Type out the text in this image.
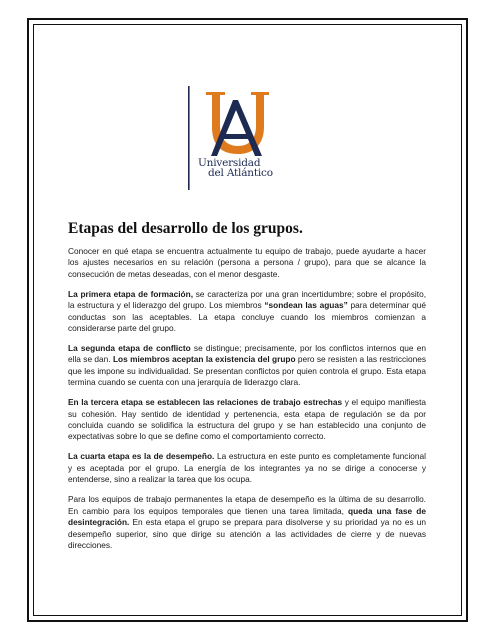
Universidad
del Atlántico
Etapas del desarrollo de los grupos.

Conocer en qué etapa se encuentra actualmente tu equipo de trabajo, puede ayudarte a hacer los ajustes necesarios en su relación (persona a persona / grupo), para que se alcance la consecución de metas deseadas, con el menor desgaste.

La primera etapa de formación, se caracteriza por una gran incertidumbre; sobre el propósito, la estructura y el liderazgo del grupo. Los miembros “sondean las aguas” para determinar qué conductas son las aceptables. La etapa concluye cuando los miembros comienzan a considerarse parte del grupo.

La segunda etapa de conflicto se distingue; precisamente, por los conflictos internos que en ella se dan. Los miembros aceptan la existencia del grupo pero se resisten a las restricciones que les impone su individualidad. Se presentan conflictos por quien controla el grupo. Esta etapa termina cuando se cuenta con una jerarquía de liderazgo clara.

En la tercera etapa se establecen las relaciones de trabajo estrechas y el equipo manifiesta su cohesión. Hay sentido de identidad y pertenencia, esta etapa de regulación se da por concluida cuando se solidifica la estructura del grupo y se han establecido una conjunto de expectativas sobre lo que se define como el comportamiento correcto.

La cuarta etapa es la de desempeño. La estructura en este punto es completamente funcional y es aceptada por el grupo. La energía de los integrantes ya no se dirige a conocerse y entenderse, sino a realizar la tarea que los ocupa.

Para los equipos de trabajo permanentes la etapa de desempeño es la última de su desarrollo. En cambio para los equipos temporales que tienen una tarea limitada, queda una fase de desintegración. En esta etapa el grupo se prepara para disolverse y su prioridad ya no es un desempeño superior, sino que dirige su atención a las actividades de cierre y de nuevas direcciones.
